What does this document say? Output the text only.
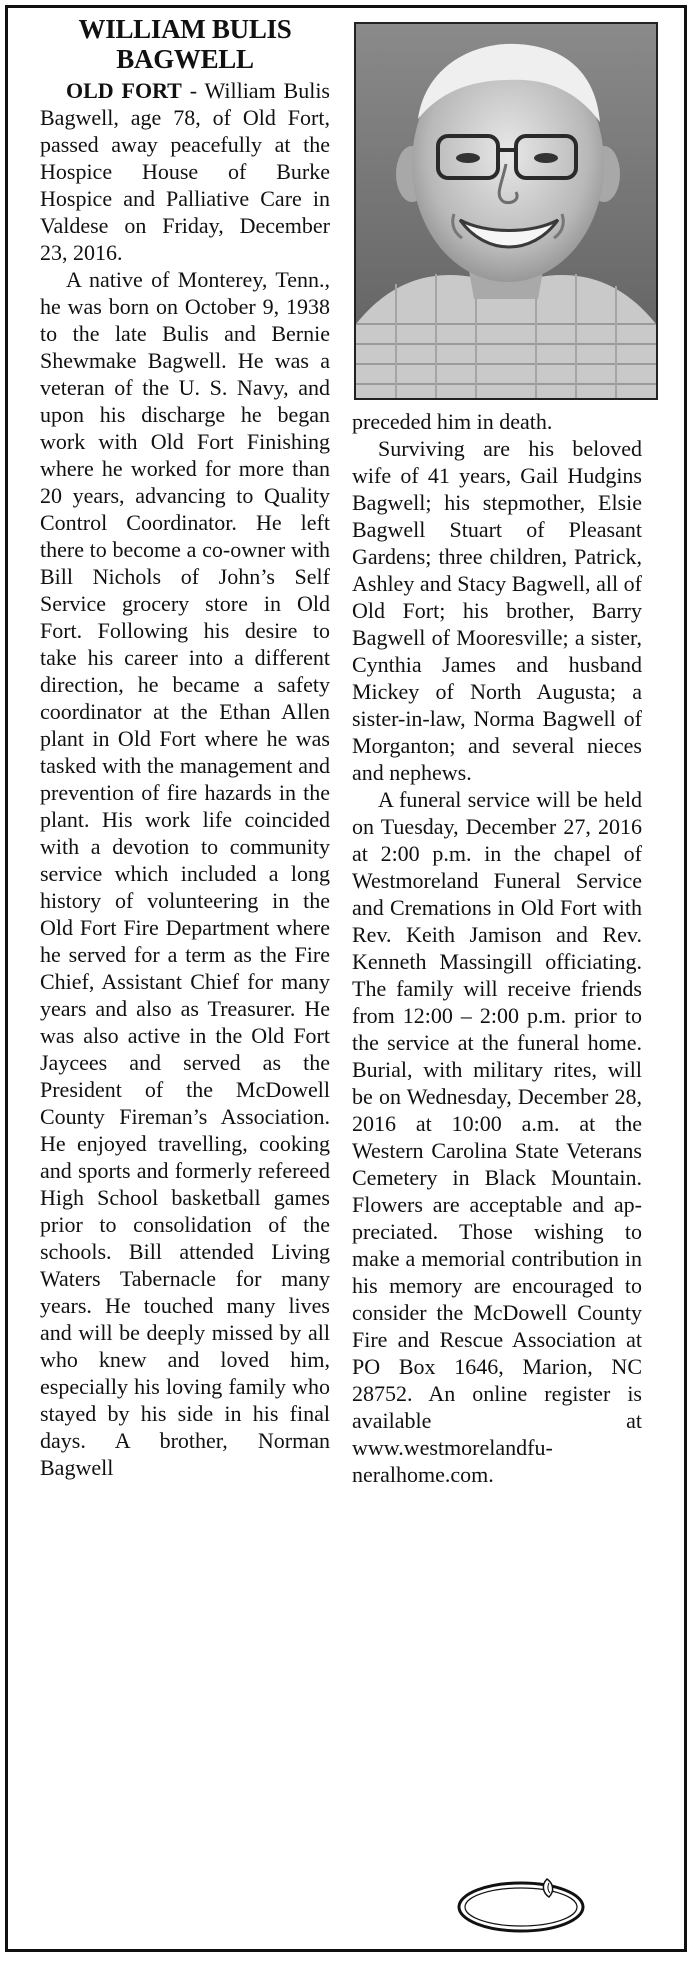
WILLIAM BULIS BAGWELL

OLD FORT - William Bulis Bagwell, age 78, of Old Fort, passed away peacefully at the Hospice House of Burke Hospice and Palliative Care in Valdese on Friday, December 23, 2016.

A native of Monterey, Tenn., he was born on October 9, 1938 to the late Bulis and Bernie Shewmake Bagwell. He was a veteran of the U. S. Navy, and upon his discharge he began work with Old Fort Finishing where he worked for more than 20 years, advancing to Quality Control Coordinator. He left there to become a co-owner with Bill Nichols of John’s Self Service grocery store in Old Fort. Following his desire to take his career into a different direction, he became a safety coordinator at the Ethan Allen plant in Old Fort where he was tasked with the management and prevention of fire hazards in the plant. His work life coincided with a devotion to community service which included a long history of volunteering in the Old Fort Fire Department where he served for a term as the Fire Chief, Assistant Chief for many years and also as Treasurer. He was also active in the Old Fort Jaycees and served as the President of the McDowell County Fireman’s Association. He enjoyed travelling, cooking and sports and formerly refereed High School basketball games prior to consolidation of the schools. Bill attended Living Waters Tabernacle for many years. He touched many lives and will be deeply missed by all who knew and loved him, especially his loving family who stayed by his side in his final days. A brother, Norman Bagwell

preceded him in death.

Surviving are his beloved wife of 41 years, Gail Hudgins Bagwell; his stepmother, Elsie Bagwell Stuart of Pleasant Gardens; three children, Patrick, Ashley and Stacy Bagwell, all of Old Fort; his brother, Barry Bagwell of Mooresville; a sister, Cynthia James and husband Mickey of North Augusta; a sister-in-law, Norma Bagwell of Morganton; and several nieces and nephews.

A funeral service will be held on Tuesday, December 27, 2016 at 2:00 p.m. in the chapel of Westmoreland Funeral Service and Cremations in Old Fort with Rev. Keith Jamison and Rev. Kenneth Massingill officiating. The family will receive friends from 12:00 – 2:00 p.m. prior to the service at the funeral home. Burial, with military rites, will be on Wednesday, December 28, 2016 at 10:00 a.m. at the Western Carolina State Veterans Cemetery in Black Mountain. Flowers are acceptable and appreciated. Those wishing to make a memorial contribution in his memory are encouraged to consider the McDowell County Fire and Rescue Association at PO Box 1646, Marion, NC 28752. An online register is available at www.westmorelandfuneralhome.com.
